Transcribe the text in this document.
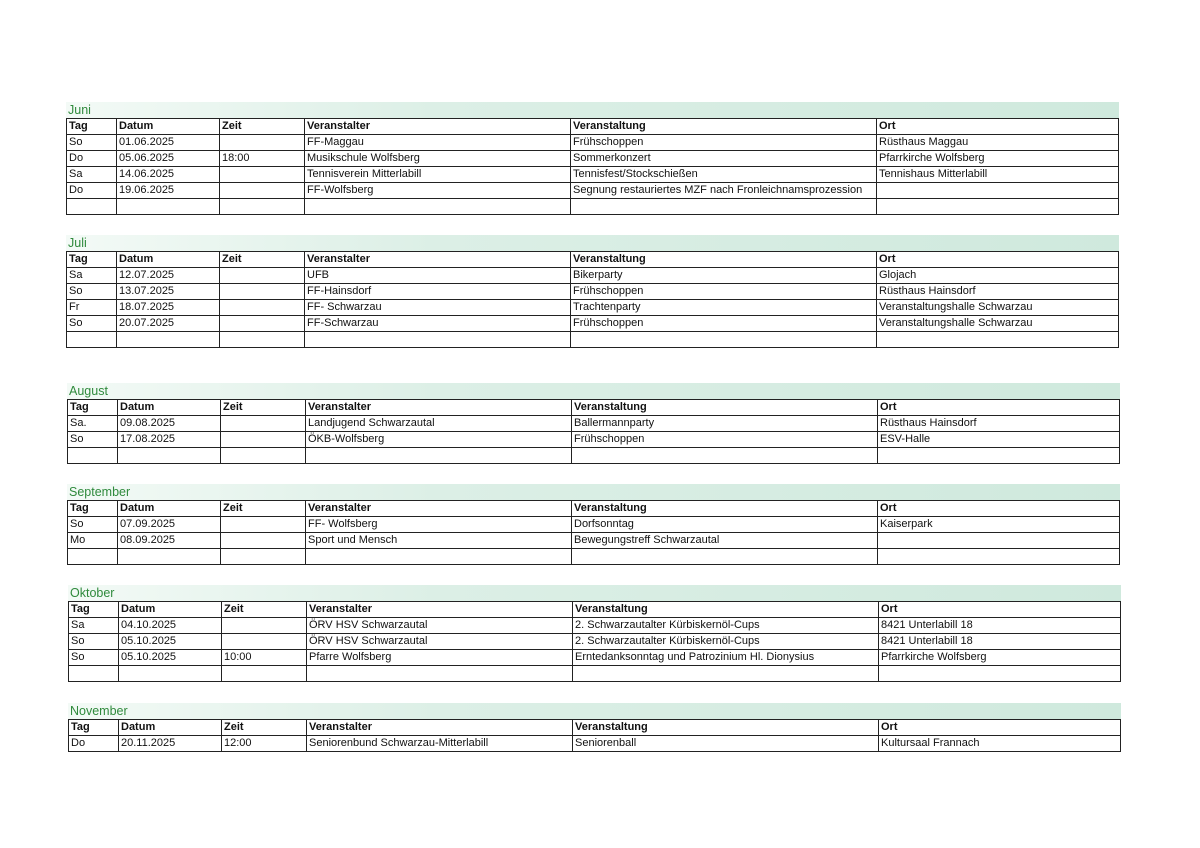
Juni
Tag	Datum	Zeit	Veranstalter	Veranstaltung	Ort
So	01.06.2025		FF-Maggau	Frühschoppen	Rüsthaus Maggau
Do	05.06.2025	18:00	Musikschule Wolfsberg	Sommerkonzert	Pfarrkirche Wolfsberg
Sa	14.06.2025		Tennisverein Mitterlabill	Tennisfest/Stockschießen	Tennishaus Mitterlabill
Do	19.06.2025		FF-Wolfsberg	Segnung restauriertes MZF nach Fronleichnamsprozession	

Juli
Tag	Datum	Zeit	Veranstalter	Veranstaltung	Ort
Sa	12.07.2025		UFB	Bikerparty	Glojach
So	13.07.2025		FF-Hainsdorf	Frühschoppen	Rüsthaus Hainsdorf
Fr	18.07.2025		FF- Schwarzau	Trachtenparty	Veranstaltungshalle Schwarzau
So	20.07.2025		FF-Schwarzau	Frühschoppen	Veranstaltungshalle Schwarzau

August
Tag	Datum	Zeit	Veranstalter	Veranstaltung	Ort
Sa.	09.08.2025		Landjugend Schwarzautal	Ballermannparty	Rüsthaus Hainsdorf
So	17.08.2025		ÖKB-Wolfsberg	Frühschoppen	ESV-Halle

September
Tag	Datum	Zeit	Veranstalter	Veranstaltung	Ort
So	07.09.2025		FF- Wolfsberg	Dorfsonntag	Kaiserpark
Mo	08.09.2025		Sport und Mensch	Bewegungstreff Schwarzautal	

Oktober
Tag	Datum	Zeit	Veranstalter	Veranstaltung	Ort
Sa	04.10.2025		ÖRV HSV Schwarzautal	2. Schwarzautalter Kürbiskernöl-Cups	8421 Unterlabill 18
So	05.10.2025		ÖRV HSV Schwarzautal	2. Schwarzautalter Kürbiskernöl-Cups	8421 Unterlabill 18
So	05.10.2025	10:00	Pfarre Wolfsberg	Erntedanksonntag und Patrozinium Hl. Dionysius	Pfarrkirche Wolfsberg

November
Tag	Datum	Zeit	Veranstalter	Veranstaltung	Ort
Do	20.11.2025	12:00	Seniorenbund Schwarzau-Mitterlabill	Seniorenball	Kultursaal Frannach
